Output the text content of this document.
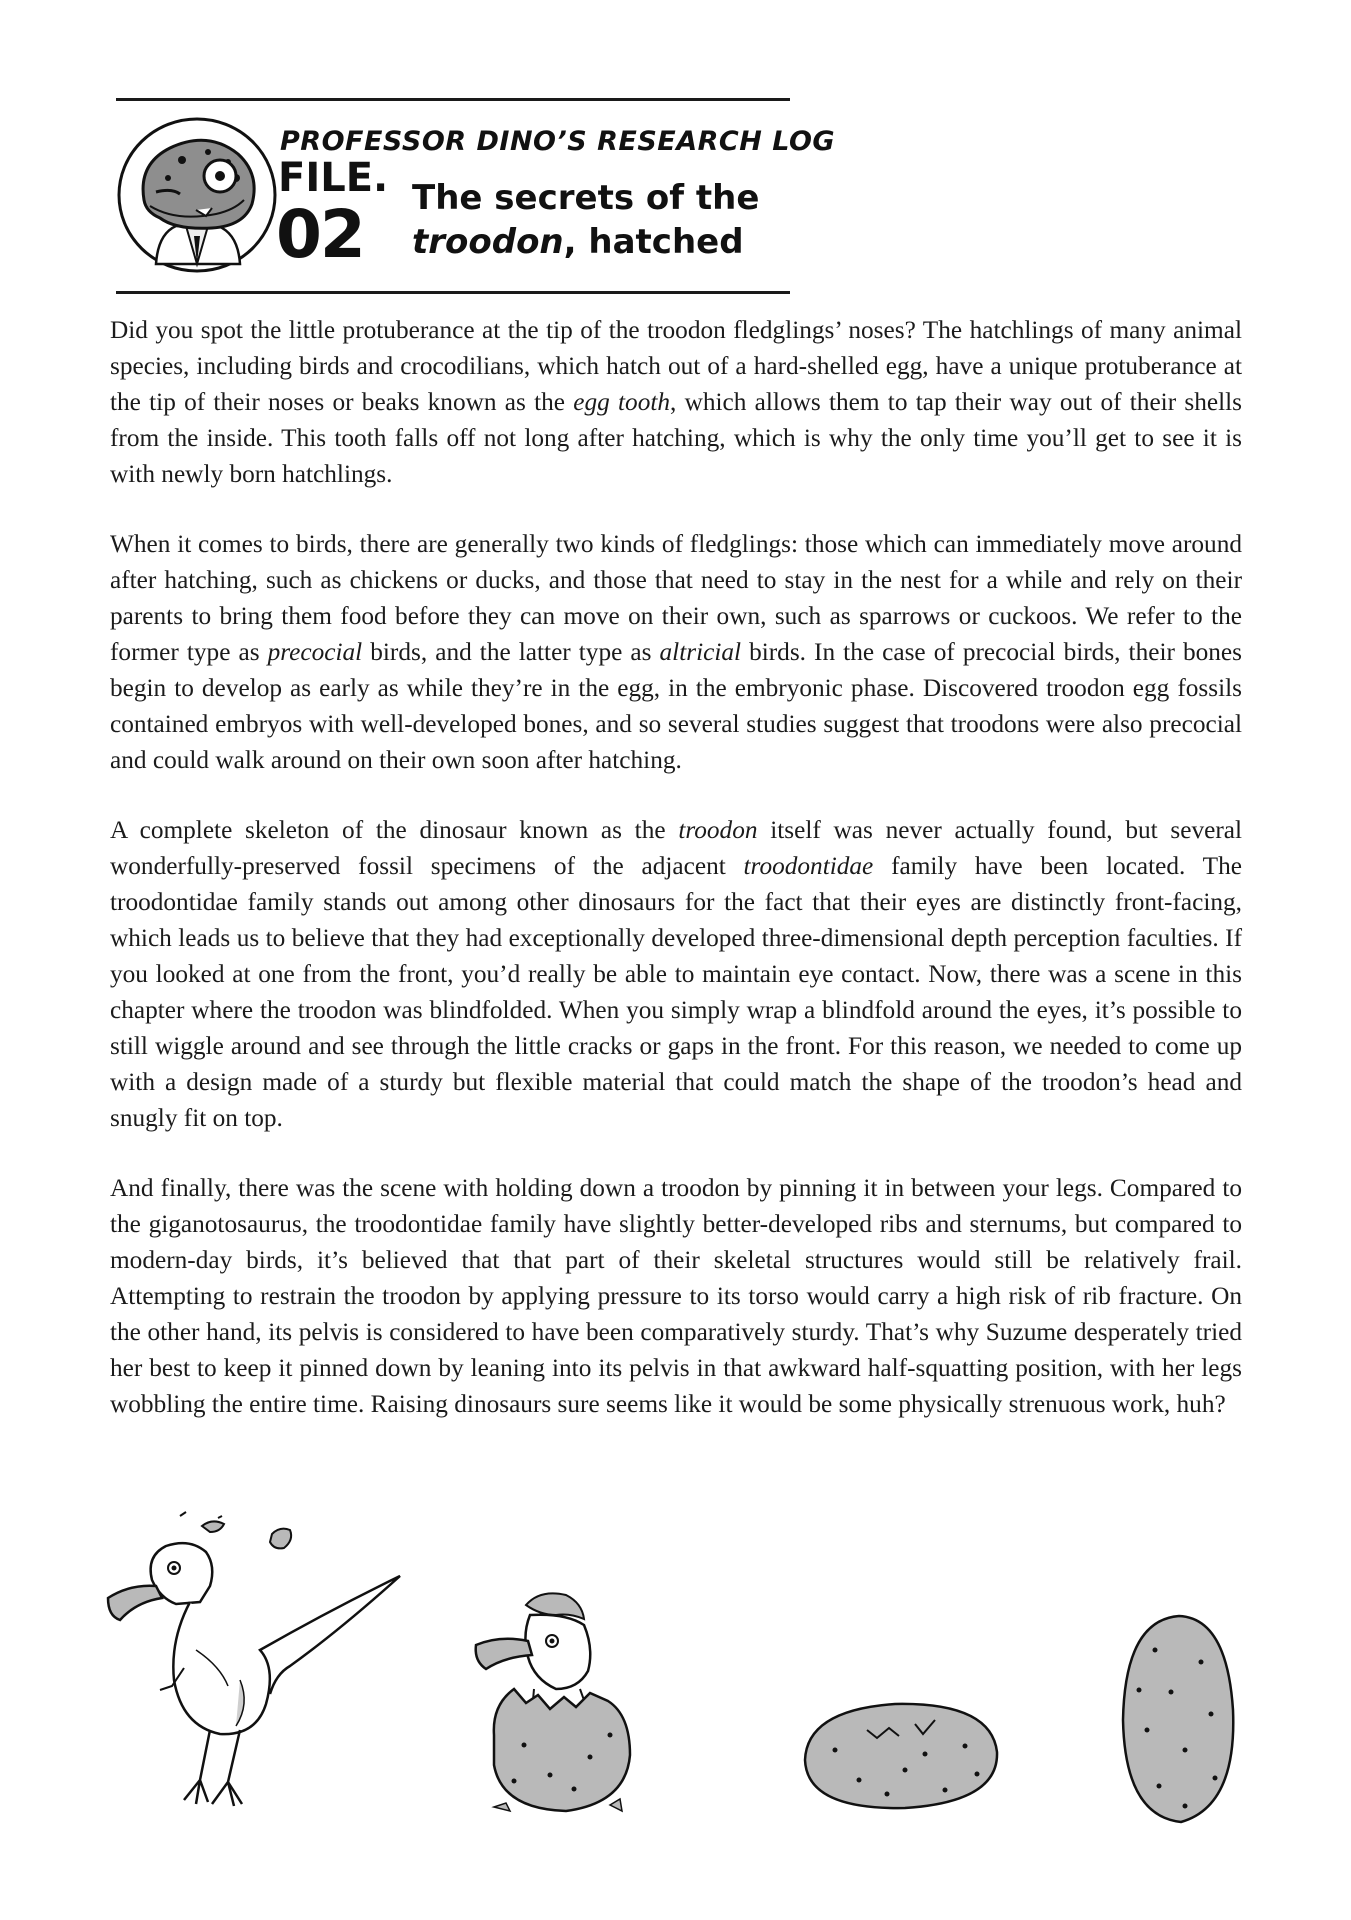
PROFESSOR DINO’S RESEARCH LOG
FILE.
02 The secrets of the
troodon, hatched

Did you spot the little protuberance at the tip of the troodon fledglings’ noses? The hatchlings of many animal species, including birds and crocodilians, which hatch out of a hard-shelled egg, have a unique protuberance at the tip of their noses or beaks known as the egg tooth, which allows them to tap their way out of their shells from the inside. This tooth falls off not long after hatching, which is why the only time you’ll get to see it is with newly born hatchlings.

When it comes to birds, there are generally two kinds of fledglings: those which can immediately move around after hatching, such as chickens or ducks, and those that need to stay in the nest for a while and rely on their parents to bring them food before they can move on their own, such as sparrows or cuckoos. We refer to the former type as precocial birds, and the latter type as altricial birds. In the case of precocial birds, their bones begin to develop as early as while they’re in the egg, in the embryonic phase. Discovered troodon egg fossils contained embryos with well-developed bones, and so several studies suggest that troodons were also precocial and could walk around on their own soon after hatching.

A complete skeleton of the dinosaur known as the troodon itself was never actually found, but several wonderfully-preserved fossil specimens of the adjacent troodontidae family have been located. The troodontidae family stands out among other dinosaurs for the fact that their eyes are distinctly front-facing, which leads us to believe that they had exceptionally developed three-dimensional depth perception faculties. If you looked at one from the front, you’d really be able to maintain eye contact. Now, there was a scene in this chapter where the troodon was blindfolded. When you simply wrap a blindfold around the eyes, it’s possible to still wiggle around and see through the little cracks or gaps in the front. For this reason, we needed to come up with a design made of a sturdy but flexible material that could match the shape of the troodon’s head and snugly fit on top.

And finally, there was the scene with holding down a troodon by pinning it in between your legs. Compared to the giganotosaurus, the troodontidae family have slightly better-developed ribs and sternums, but compared to modern-day birds, it’s believed that that part of their skeletal structures would still be relatively frail. Attempting to restrain the troodon by applying pressure to its torso would carry a high risk of rib fracture. On the other hand, its pelvis is considered to have been comparatively sturdy. That’s why Suzume desperately tried her best to keep it pinned down by leaning into its pelvis in that awkward half-squatting position, with her legs wobbling the entire time. Raising dinosaurs sure seems like it would be some physically strenuous work, huh?
